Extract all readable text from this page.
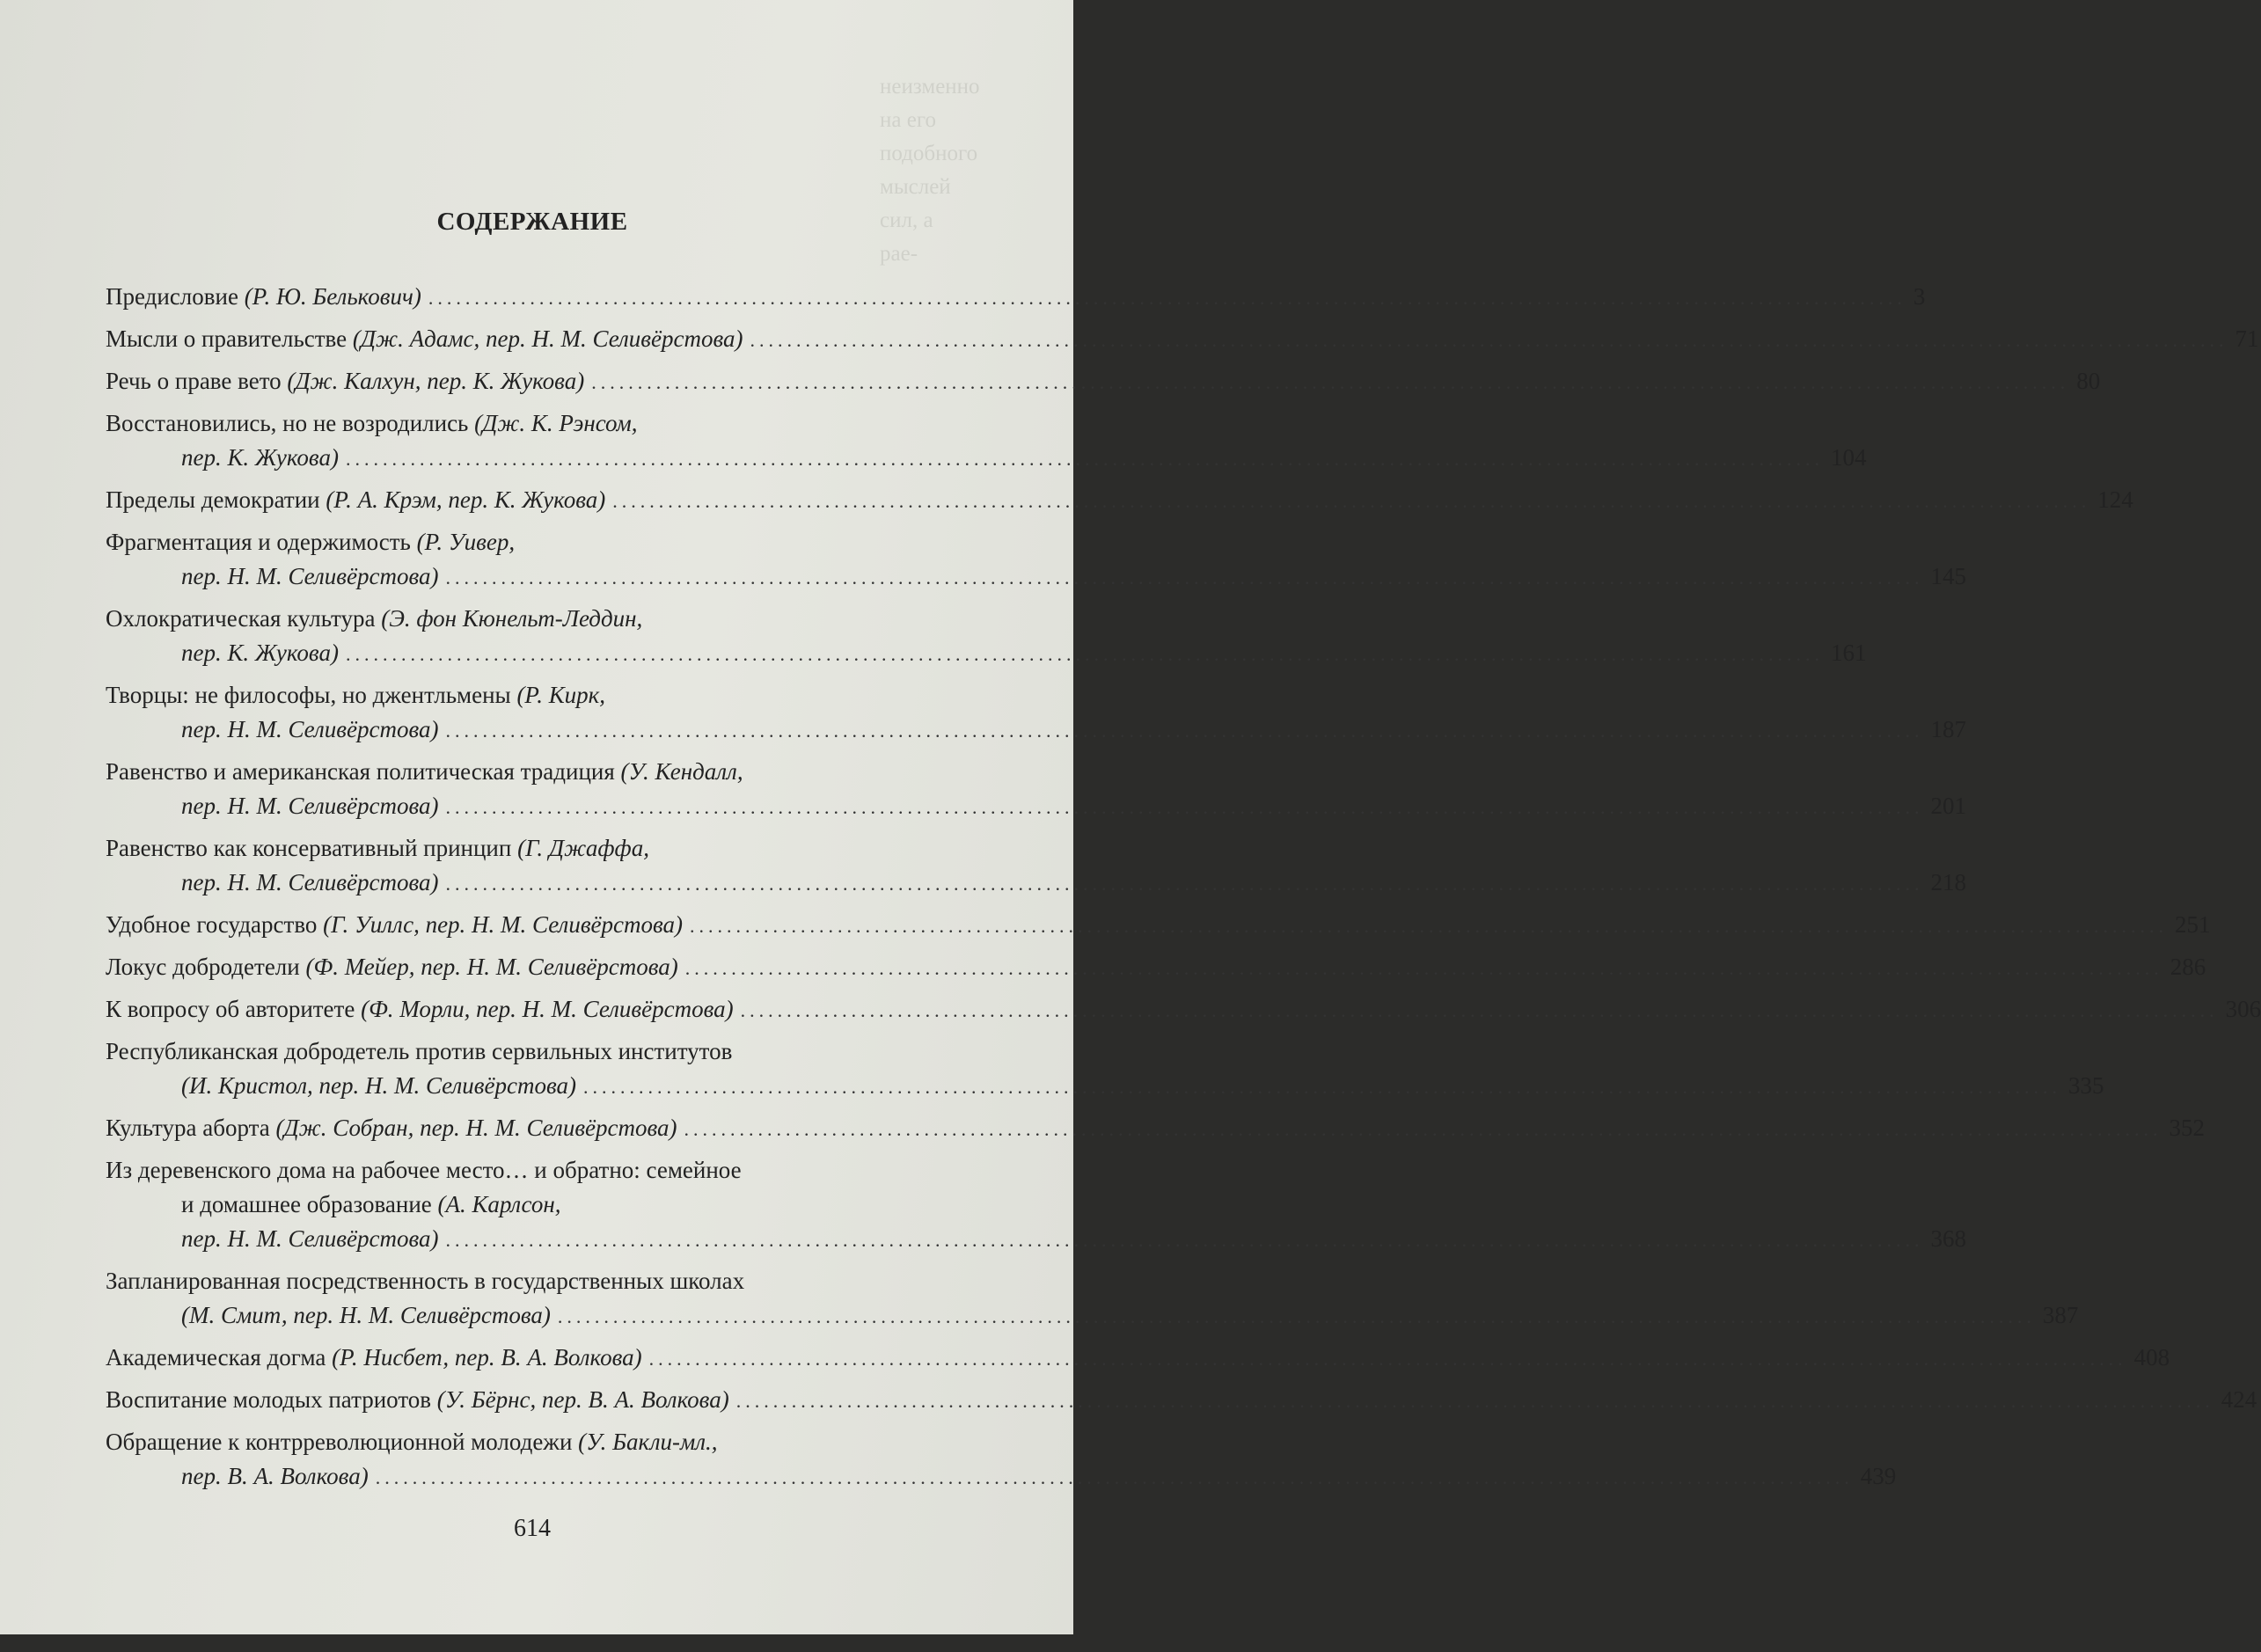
неизменно
на его
подобного
мыслей
сил, а
рае-
СОДЕРЖАНИЕ
Предисловие (Р. Ю. Белькович) ................................................................................................................................................................ 3
Мысли о правительстве (Дж. Адамс, пер. Н. М. Селивёрстова) ................................................................................................................................................................ 71
Речь о праве вето (Дж. Калхун, пер. К. Жукова) ................................................................................................................................................................ 80
Восстановились, но не возродились (Дж. К. Рэнсом,
пер. К. Жукова) ................................................................................................................................................................ 104
Пределы демократии (Р. А. Крэм, пер. К. Жукова) ................................................................................................................................................................ 124
Фрагментация и одержимость (Р. Уивер,
пер. Н. М. Селивёрстова) ................................................................................................................................................................ 145
Охлократическая культура (Э. фон Кюнельт-Леддин,
пер. К. Жукова) ................................................................................................................................................................ 161
Творцы: не философы, но джентльмены (Р. Кирк,
пер. Н. М. Селивёрстова) ................................................................................................................................................................ 187
Равенство и американская политическая традиция (У. Кендалл,
пер. Н. М. Селивёрстова) ................................................................................................................................................................ 201
Равенство как консервативный принцип (Г. Джаффа,
пер. Н. М. Селивёрстова) ................................................................................................................................................................ 218
Удобное государство (Г. Уиллс, пер. Н. М. Селивёрстова) ................................................................................................................................................................ 251
Локус добродетели (Ф. Мейер, пер. Н. М. Селивёрстова) ................................................................................................................................................................ 286
К вопросу об авторитете (Ф. Морли, пер. Н. М. Селивёрстова) ................................................................................................................................................................ 306
Республиканская добродетель против сервильных институтов
(И. Кристол, пер. Н. М. Селивёрстова) ................................................................................................................................................................ 335
Культура аборта (Дж. Собран, пер. Н. М. Селивёрстова) ................................................................................................................................................................ 352
Из деревенского дома на рабочее место… и обратно: семейное
и домашнее образование (А. Карлсон,
пер. Н. М. Селивёрстова) ................................................................................................................................................................ 368
Запланированная посредственность в государственных школах
(М. Смит, пер. Н. М. Селивёрстова) ................................................................................................................................................................ 387
Академическая догма (Р. Нисбет, пер. В. А. Волкова) ................................................................................................................................................................ 408
Воспитание молодых патриотов (У. Бёрнс, пер. В. А. Волкова) ................................................................................................................................................................ 424
Обращение к контрреволюционной молодежи (У. Бакли-мл.,
пер. В. А. Волкова) ................................................................................................................................................................ 439
614
